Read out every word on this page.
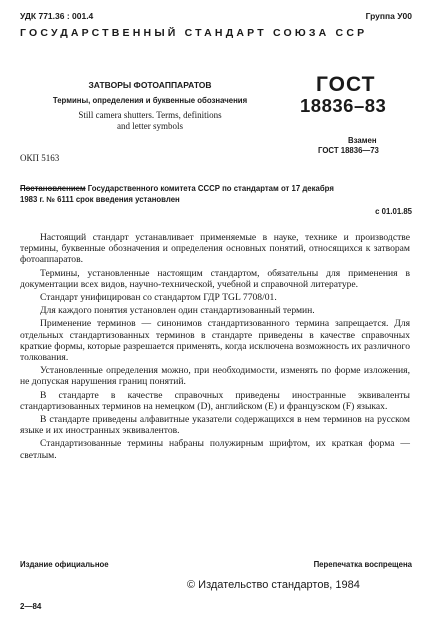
УДК 771.36 : 001.4	Группа У00
ГОСУДАРСТВЕННЫЙ СТАНДАРТ СОЮЗА ССР
ЗАТВОРЫ ФОТОАППАРАТОВ
Термины, определения и буквенные обозначения
Still camera shutters. Terms, definitions
and letter symbols
ГОСТ
18836–83
Взамен
ГОСТ 18836—73
ОКП 5163
Постановлением Государственного комитета СССР по стандартам от 17 декабря
1983 г. № 6111 срок введения установлен
с 01.01.85

Настоящий стандарт устанавливает применяемые в науке, технике и производстве термины, буквенные обозначения и определения основных понятий, относящихся к затворам фотоаппаратов.

Термины, установленные настоящим стандартом, обязательны для применения в документации всех видов, научно-технической, учебной и справочной литературе.

Стандарт унифицирован со стандартом ГДР TGL 7708/01.

Для каждого понятия установлен один стандартизованный термин.

Применение терминов — синонимов стандартизованного термина запрещается. Для отдельных стандартизованных терминов в стандарте приведены в качестве справочных краткие формы, которые разрешается применять, когда исключена возможность их различного толкования.

Установленные определения можно, при необходимости, изменять по форме изложения, не допуская нарушения границ понятий.

В стандарте в качестве справочных приведены иностранные эквиваленты стандартизованных терминов на немецком (D), английском (E) и французском (F) языках.

В стандарте приведены алфавитные указатели содержащихся в нем терминов на русском языке и их иностранных эквивалентов.

Стандартизованные термины набраны полужирным шрифтом, их краткая форма — светлым.

Издание официальное	Перепечатка воспрещена
© Издательство стандартов, 1984
2—84
